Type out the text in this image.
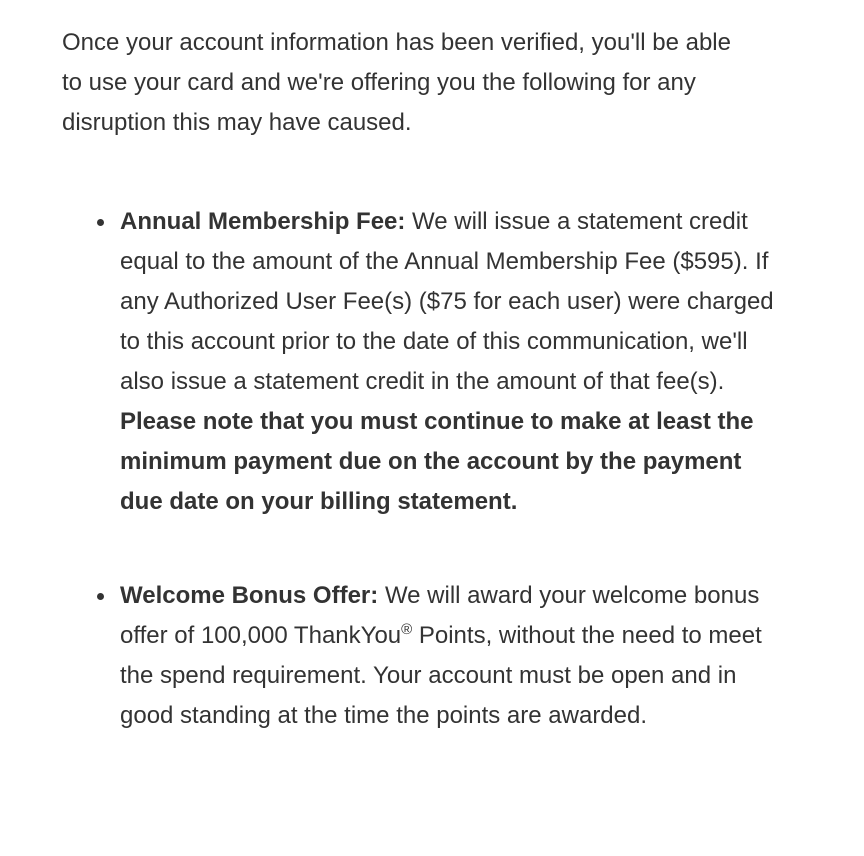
Once your account information has been verified, you'll be able to use your card and we're offering you the following for any disruption this may have caused.

Annual Membership Fee: We will issue a statement credit equal to the amount of the Annual Membership Fee ($595). If any Authorized User Fee(s) ($75 for each user) were charged to this account prior to the date of this communication, we'll also issue a statement credit in the amount of that fee(s). Please note that you must continue to make at least the minimum payment due on the account by the payment due date on your billing statement.
Welcome Bonus Offer: We will award your welcome bonus offer of 100,000 ThankYou® Points, without the need to meet the spend requirement. Your account must be open and in good standing at the time the points are awarded.
